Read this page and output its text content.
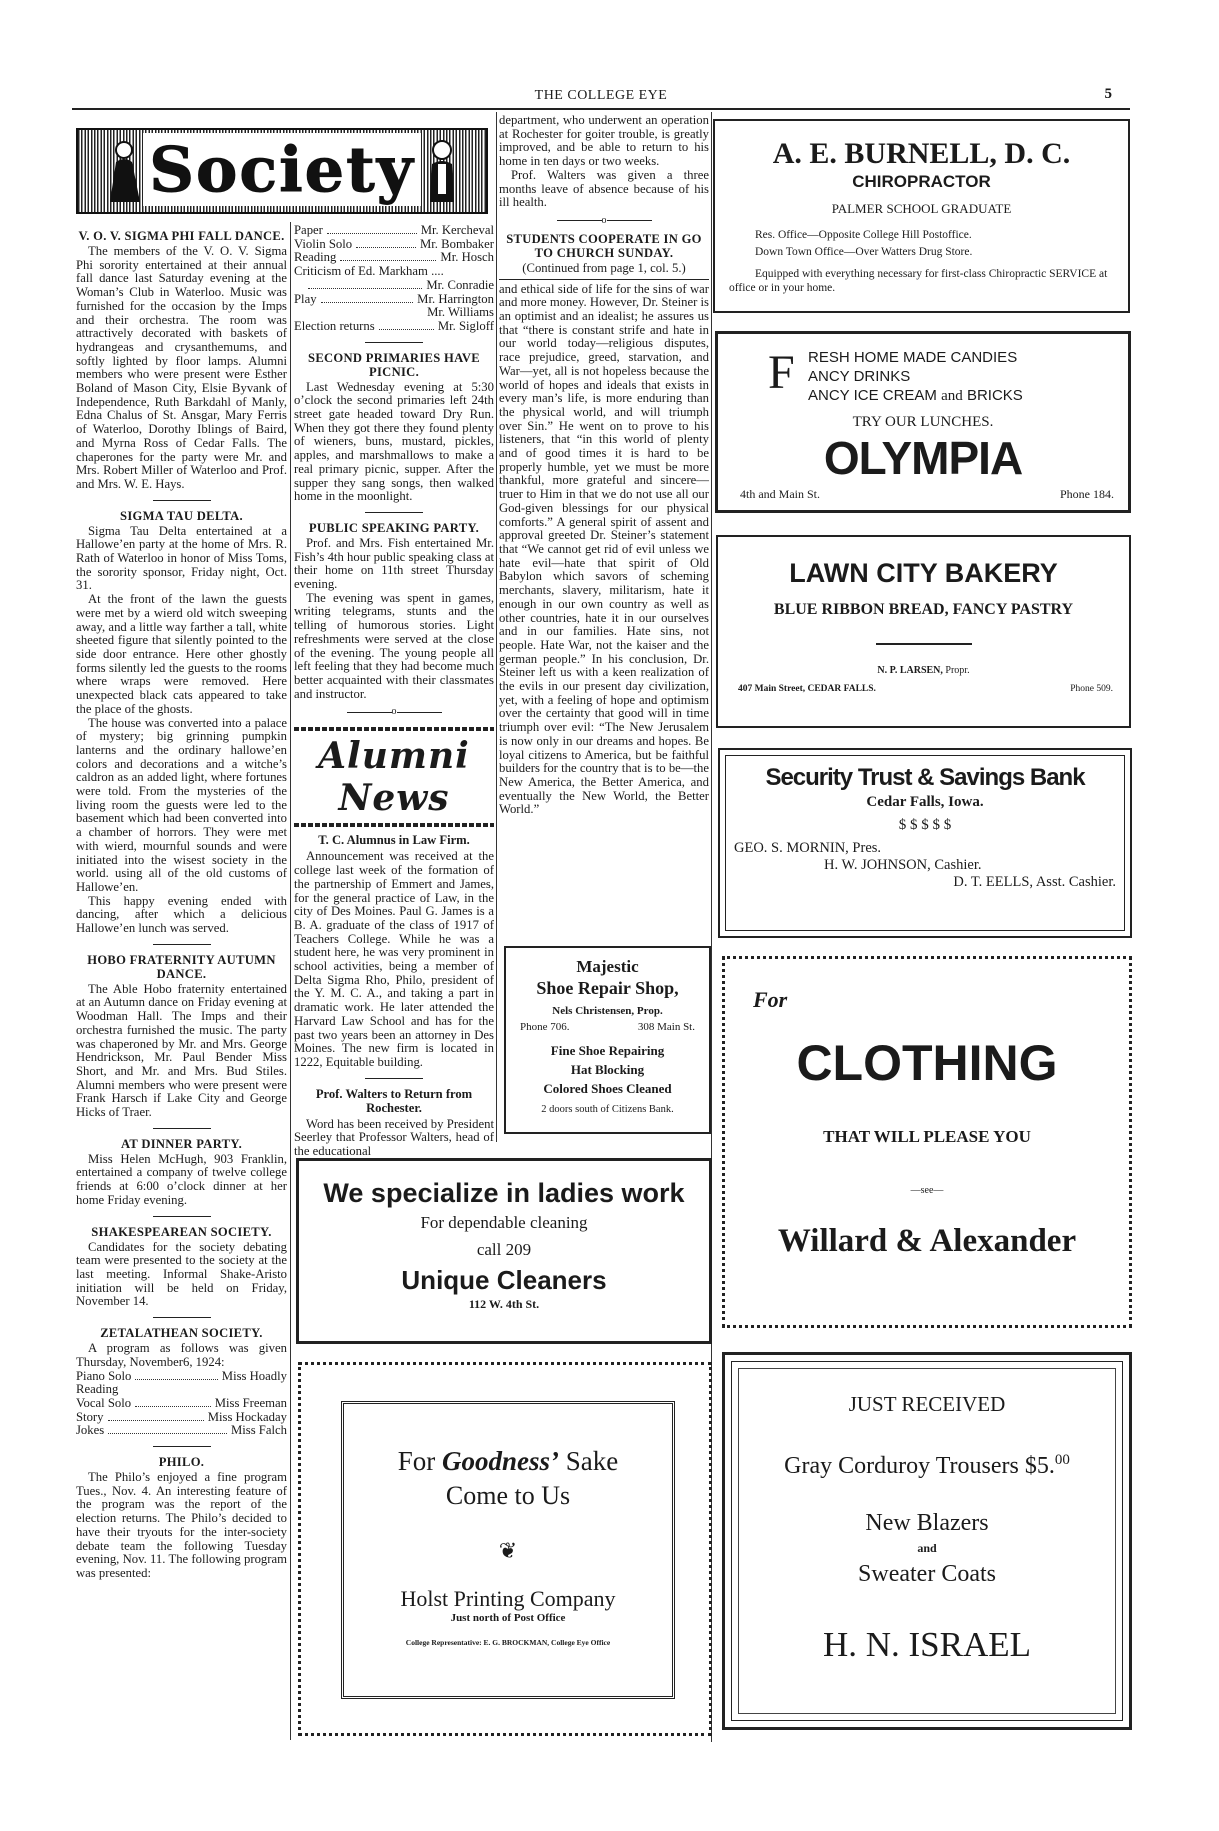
THE COLLEGE EYE	5
Society
V. O. V. SIGMA PHI FALL DANCE.

The members of the V. O. V. Sigma Phi sorority entertained at their annual fall dance last Saturday evening at the Woman’s Club in Waterloo. Music was furnished for the occasion by the Imps and their orchestra. The room was attractively decorated with baskets of hydrangeas and crysanthemums, and softly lighted by floor lamps. Alumni members who were present were Esther Boland of Mason City, Elsie Byvank of Independence, Ruth Barkdahl of Manly, Edna Chalus of St. Ansgar, Mary Ferris of Waterloo, Dorothy Iblings of Baird, and Myrna Ross of Cedar Falls. The chaperones for the party were Mr. and Mrs. Robert Miller of Waterloo and Prof. and Mrs. W. E. Hays.

SIGMA TAU DELTA.

Sigma Tau Delta entertained at a Hallowe’en party at the home of Mrs. R. Rath of Waterloo in honor of Miss Toms, the sorority sponsor, Friday night, Oct. 31.

At the front of the lawn the guests were met by a wierd old witch sweeping away, and a little way farther a tall, white sheeted figure that silently pointed to the side door entrance. Here other ghostly forms silently led the guests to the rooms where wraps were removed. Here unexpected black cats appeared to take the place of the ghosts.

The house was converted into a palace of mystery; big grinning pumpkin lanterns and the ordinary hallowe’en colors and decorations and a witche’s caldron as an added light, where fortunes were told. From the mysteries of the living room the guests were led to the basement which had been converted into a chamber of horrors. They were met with wierd, mournful sounds and were initiated into the wisest society in the world. using all of the old customs of Hallowe’en.

This happy evening ended with dancing, after which a delicious Hallowe’en lunch was served.

HOBO FRATERNITY AUTUMN DANCE.

The Able Hobo fraternity entertained at an Autumn dance on Friday evening at Woodman Hall. The Imps and their orchestra furnished the music. The party was chaperoned by Mr. and Mrs. George Hendrickson, Mr. Paul Bender Miss Short, and Mr. and Mrs. Bud Stiles. Alumni members who were present were Frank Harsch if Lake City and George Hicks of Traer.

AT DINNER PARTY.

Miss Helen McHugh, 903 Franklin, entertained a company of twelve college friends at 6:00 o’clock dinner at her home Friday evening.

SHAKESPEAREAN SOCIETY.

Candidates for the society debating team were presented to the society at the last meeting. Informal Shake-Aristo initiation will be held on Friday, November 14.

ZETALATHEAN SOCIETY.

A program as follows was given Thursday, November6, 1924:

Piano Solo	Miss Hoadly
Reading
Vocal Solo	Miss Freeman
Story	Miss Hockaday
Jokes	Miss Falch
PHILO.

The Philo’s enjoyed a fine program Tues., Nov. 4. An interesting feature of the program was the report of the election returns. The Philo’s decided to have their tryouts for the inter-society debate team the following Tuesday evening, Nov. 11. The following program was presented:

Paper	Mr. Kercheval
Violin Solo	Mr. Bombaker
Reading	Mr. Hosch
Criticism of Ed. Markham ....
Mr. Conradie
Play	Mr. Harrington
Mr. Williams
Election returns	Mr. Sigloff
SECOND PRIMARIES HAVE PICNIC.

Last Wednesday evening at 5:30 o’clock the second primaries left 24th street gate headed toward Dry Run. When they got there they found plenty of wieners, buns, mustard, pickles, apples, and marshmallows to make a real primary picnic, supper. After the supper they sang songs, then walked home in the moonlight.

PUBLIC SPEAKING PARTY.

Prof. and Mrs. Fish entertained Mr. Fish’s 4th hour public speaking class at their home on 11th street Thursday evening.

The evening was spent in games, writing telegrams, stunts and the telling of humorous stories. Light refreshments were served at the close of the evening. The young people all left feeling that they had become much better acquainted with their classmates and instructor.

o
Alumni News
T. C. Alumnus in Law Firm.

Announcement was received at the college last week of the formation of the partnership of Emmert and James, for the general practice of Law, in the city of Des Moines. Paul G. James is a B. A. graduate of the class of 1917 of Teachers College. While he was a student here, he was very prominent in school activities, being a member of Delta Sigma Rho, Philo, president of the Y. M. C. A., and taking a part in dramatic work. He later attended the Harvard Law School and has for the past two years been an attorney in Des Moines. The new firm is located in 1222, Equitable building.

Prof. Walters to Return from Rochester.

Word has been received by President Seerley that Professor Walters, head of the educational

department, who underwent an operation at Rochester for goiter trouble, is greatly improved, and be able to return to his home in ten days or two weeks.

Prof. Walters was given a three months leave of absence because of his ill health.

o
STUDENTS COOPERATE IN GO TO CHURCH SUNDAY.
(Continued from page 1, col. 5.)

and ethical side of life for the sins of war and more money. However, Dr. Steiner is an optimist and an idealist; he assures us that “there is constant strife and hate in our world today—religious disputes, race prejudice, greed, starvation, and War—yet, all is not hopeless because the world of hopes and ideals that exists in every man’s life, is more enduring than the physical world, and will triumph over Sin.” He went on to prove to his listeners, that “in this world of plenty and of good times it is hard to be properly humble, yet we must be more thankful, more grateful and sincere—truer to Him in that we do not use all our God-given blessings for our physical comforts.” A general spirit of assent and approval greeted Dr. Steiner’s statement that “We cannot get rid of evil unless we hate evil—hate that spirit of Old Babylon which savors of scheming merchants, slavery, militarism, hate it enough in our own country as well as other countries, hate it in our ourselves and in our families. Hate sins, not people. Hate War, not the kaiser and the german people.” In his conclusion, Dr. Steiner left us with a keen realization of the evils in our present day civilization, yet, with a feeling of hope and optimism over the certainty that good will in time triumph over evil: “The New Jerusalem is now only in our dreams and hopes. Be loyal citizens to America, but be faithful builders for the country that is to be—the New America, the Better America, and eventually the New World, the Better World.”

Majestic
Shoe Repair Shop,
Nels Christensen, Prop.
Phone 706.	308 Main St.
Fine Shoe Repairing
Hat Blocking
Colored Shoes Cleaned
2 doors south of Citizens Bank.
We specialize in ladies work
For dependable cleaning
call 209
Unique Cleaners
112 W. 4th St.
For Goodness’ Sake
Come to Us
❦
Holst Printing Company
Just north of Post Office
College Representative: E. G. BROCKMAN, College Eye Office
A. E. BURNELL, D. C.
CHIROPRACTOR
PALMER SCHOOL GRADUATE
Res. Office—Opposite College Hill Postoffice.
Down Town Office—Over Watters Drug Store.
Equipped with everything necessary for first-class Chiropractic SERVICE at office or in your home.
F RESH HOME MADE CANDIES
ANCY DRINKS
ANCY ICE CREAM and BRICKS
TRY OUR LUNCHES.
OLYMPIA
4th and Main St.	Phone 184.
LAWN CITY BAKERY
BLUE RIBBON BREAD, FANCY PASTRY
N. P. LARSEN, Propr.
407 Main Street, CEDAR FALLS.	Phone 509.
Security Trust & Savings Bank
Cedar Falls, Iowa.
$ $ $ $ $
GEO. S. MORNIN, Pres.
H. W. JOHNSON, Cashier.
D. T. EELLS, Asst. Cashier.
For
CLOTHING
THAT WILL PLEASE YOU
—see—
Willard & Alexander
JUST RECEIVED
Gray Corduroy Trousers $5.00
New Blazers
and
Sweater Coats
H. N. ISRAEL
